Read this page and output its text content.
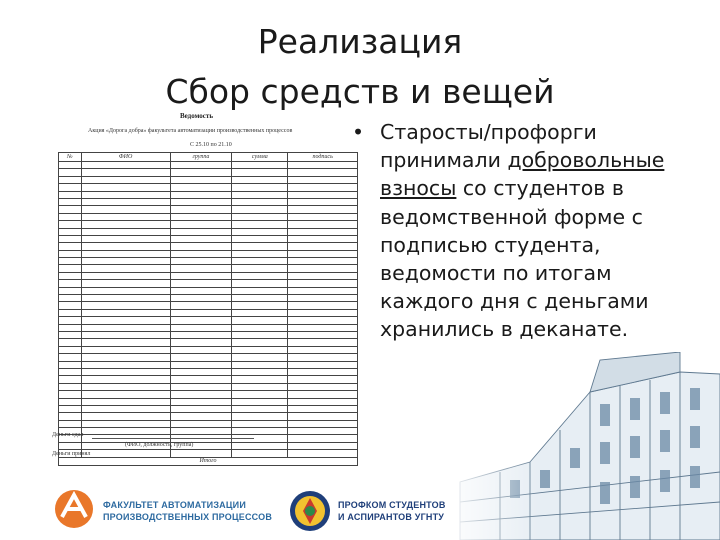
Реализация
Сбор средств и вещей
Ведомость
Акция «Дорога добра» факультета автоматизации производственных процессов
С 25.10 по 21.10
№	ФИО	группа	сумма	подпись

Итого				
Деньги сдал
(ФИО, должность, группа)
Деньги принял
• Старосты/профорги принимали добровольные взносы со студентов в ведомственной форме с подписью студента, ведомости по итогам каждого дня с деньгами хранились в деканате.
ФАКУЛЬТЕТ АВТОМАТИЗАЦИИ
ПРОИЗВОДСТВЕННЫХ ПРОЦЕССОВ
ПРОФКОМ СТУДЕНТОВ
И АСПИРАНТОВ УГНТУ
